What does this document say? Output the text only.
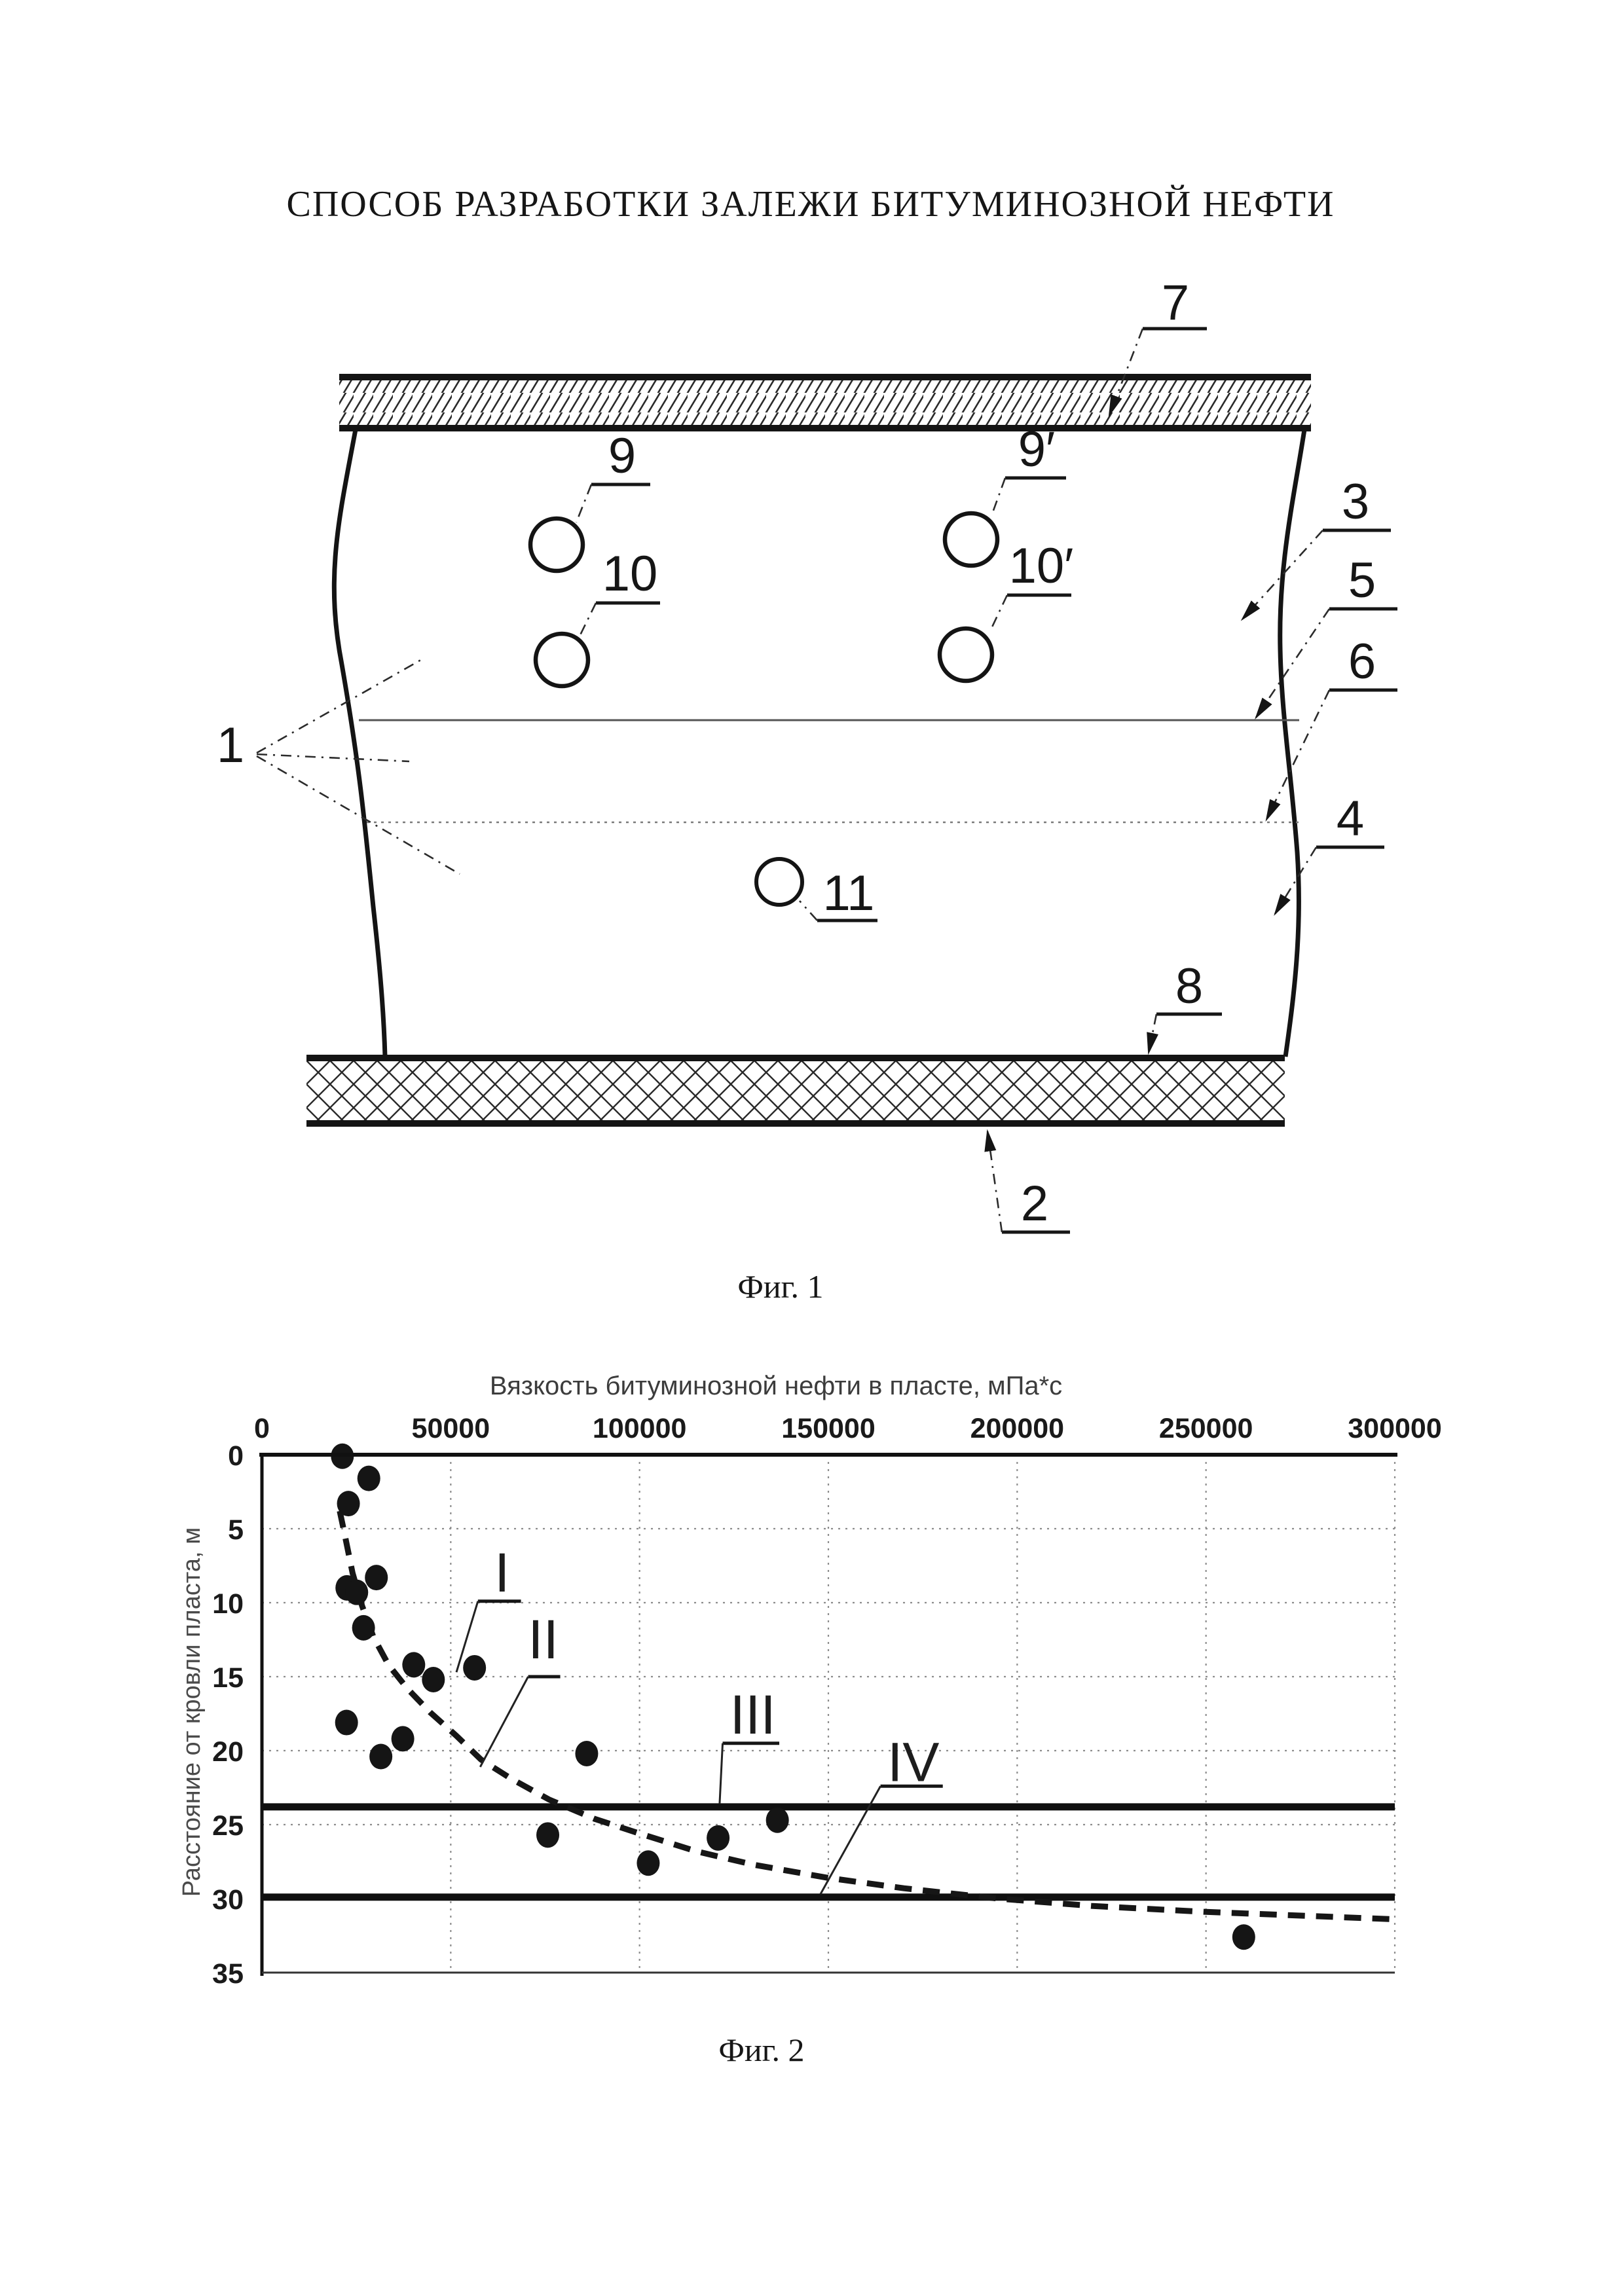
СПОСОБ РАЗРАБОТКИ ЗАЛЕЖИ БИТУМИНОЗНОЙ НЕФТИ
7
9	9′
10	10′
11
1
3
5
6
4
8
2
Фиг. 1
Вязкость битуминозной нефти в пласте, мПа*с
Расстояние от кровли пласта, м
0	50000	100000	150000	200000	250000	300000
0
5
10
15
20
25
30
35
I
II
III
IV
Фиг. 2
